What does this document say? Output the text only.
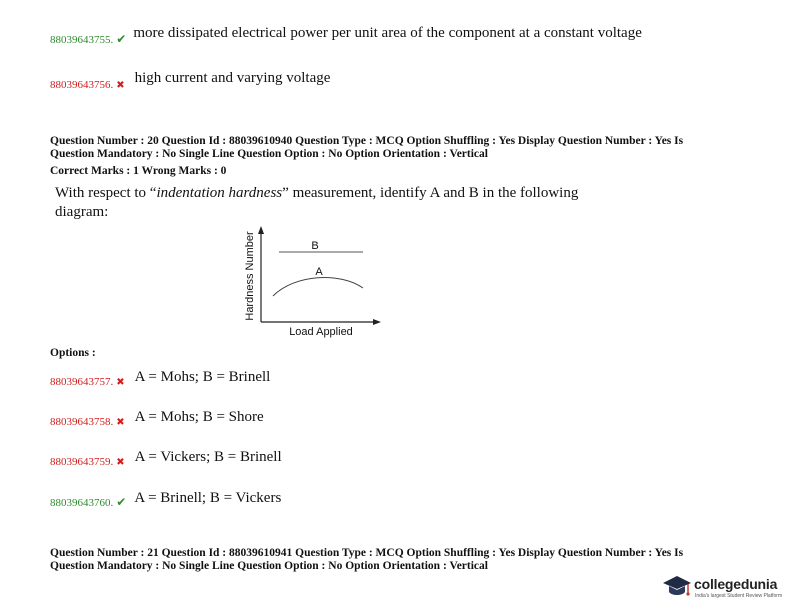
88039643755. ✔ more dissipated electrical power per unit area of the component at a constant voltage
88039643756. ✖ high current and varying voltage
Question Number : 20 Question Id : 88039610940 Question Type : MCQ Option Shuffling : Yes Display Question Number : Yes Is
Question Mandatory : No Single Line Question Option : No Option Orientation : Vertical
Correct Marks : 1 Wrong Marks : 0
With respect to “indentation hardness” measurement, identify A and B in the following
diagram:
B
A
Load Applied
Hardness Number
Options :
88039643757. ✖ A = Mohs; B = Brinell
88039643758. ✖ A = Mohs; B = Shore
88039643759. ✖ A = Vickers; B = Brinell
88039643760. ✔ A = Brinell; B = Vickers
Question Number : 21 Question Id : 88039610941 Question Type : MCQ Option Shuffling : Yes Display Question Number : Yes Is
Question Mandatory : No Single Line Question Option : No Option Orientation : Vertical
collegedunia
India's largest Student Review Platform
